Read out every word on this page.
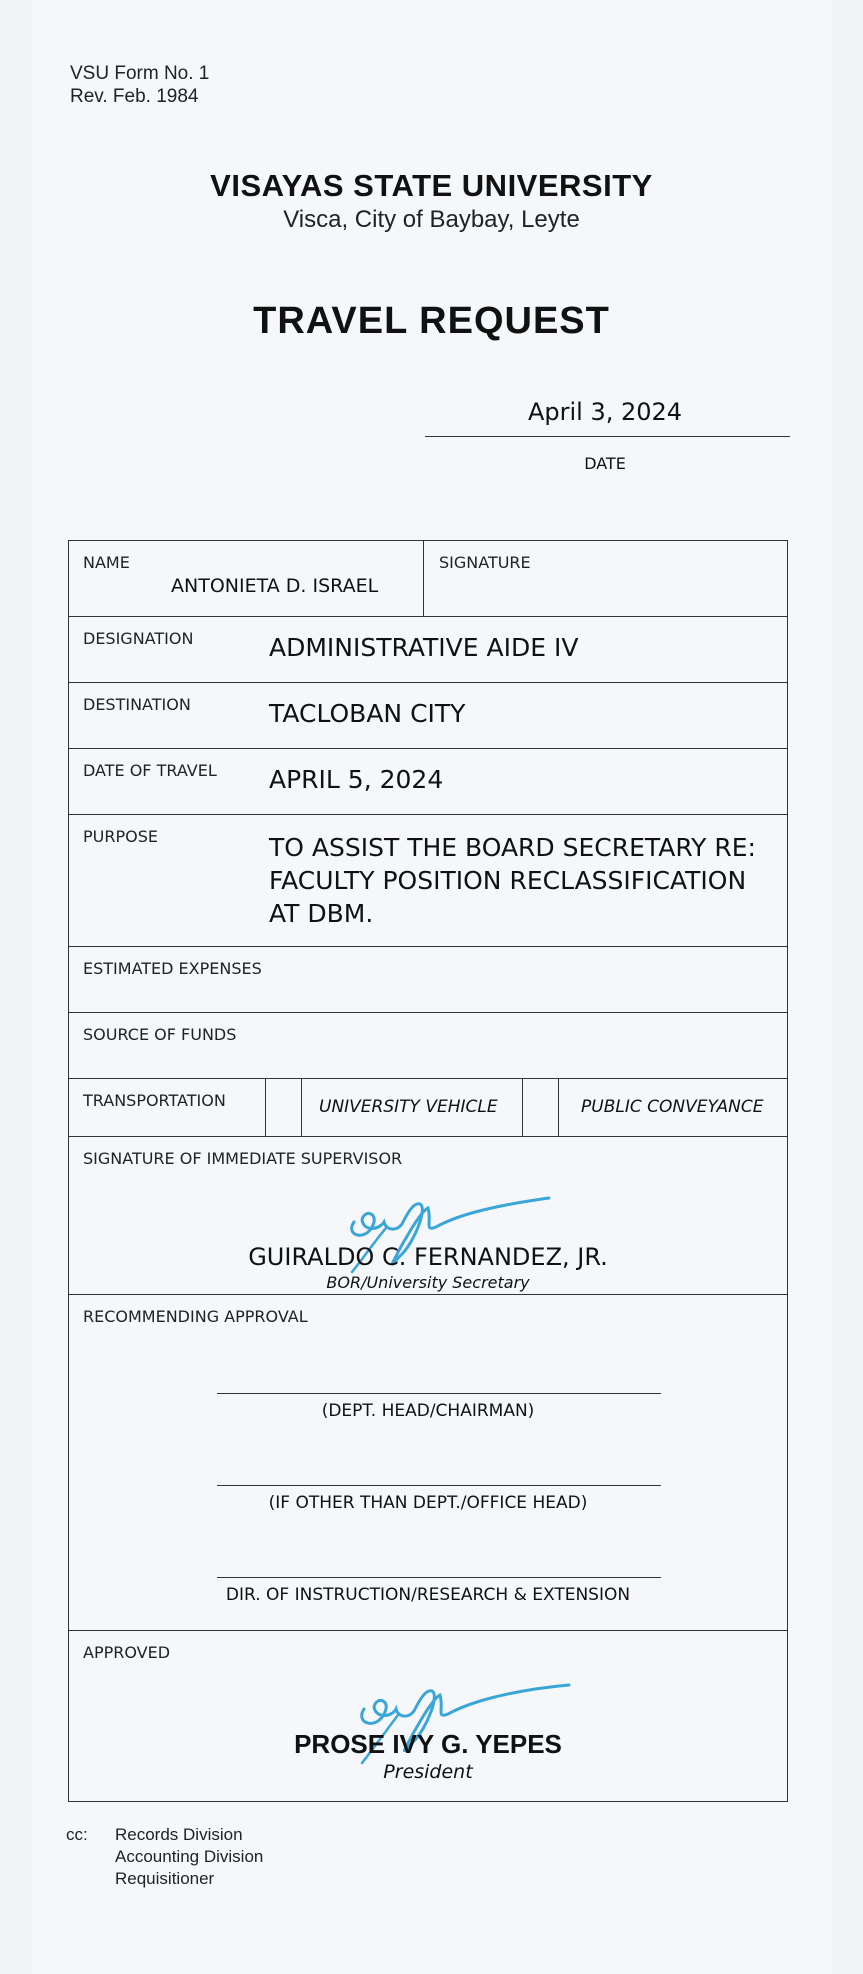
VSU Form No. 1
Rev. Feb. 1984
VISAYAS STATE UNIVERSITY
Visca, City of Baybay, Leyte
TRAVEL REQUEST
April 3, 2024
DATE
NAME
ANTONIETA D. ISRAEL
SIGNATURE
DESIGNATION	ADMINISTRATIVE AIDE IV
DESTINATION	TACLOBAN CITY
DATE OF TRAVEL APRIL 5, 2024
PURPOSE	TO ASSIST THE BOARD SECRETARY RE:
FACULTY POSITION RECLASSIFICATION
AT DBM.
ESTIMATED EXPENSES
SOURCE OF FUNDS
TRANSPORTATION	UNIVERSITY VEHICLE	PUBLIC CONVEYANCE
SIGNATURE OF IMMEDIATE SUPERVISOR
GUIRALDO C. FERNANDEZ, JR.
BOR/University Secretary
RECOMMENDING APPROVAL
(DEPT. HEAD/CHAIRMAN)
(IF OTHER THAN DEPT./OFFICE HEAD)
DIR. OF INSTRUCTION/RESEARCH & EXTENSION
APPROVED
PROSE IVY G. YEPES
President
cc: Records Division
Accounting Division
Requisitioner
